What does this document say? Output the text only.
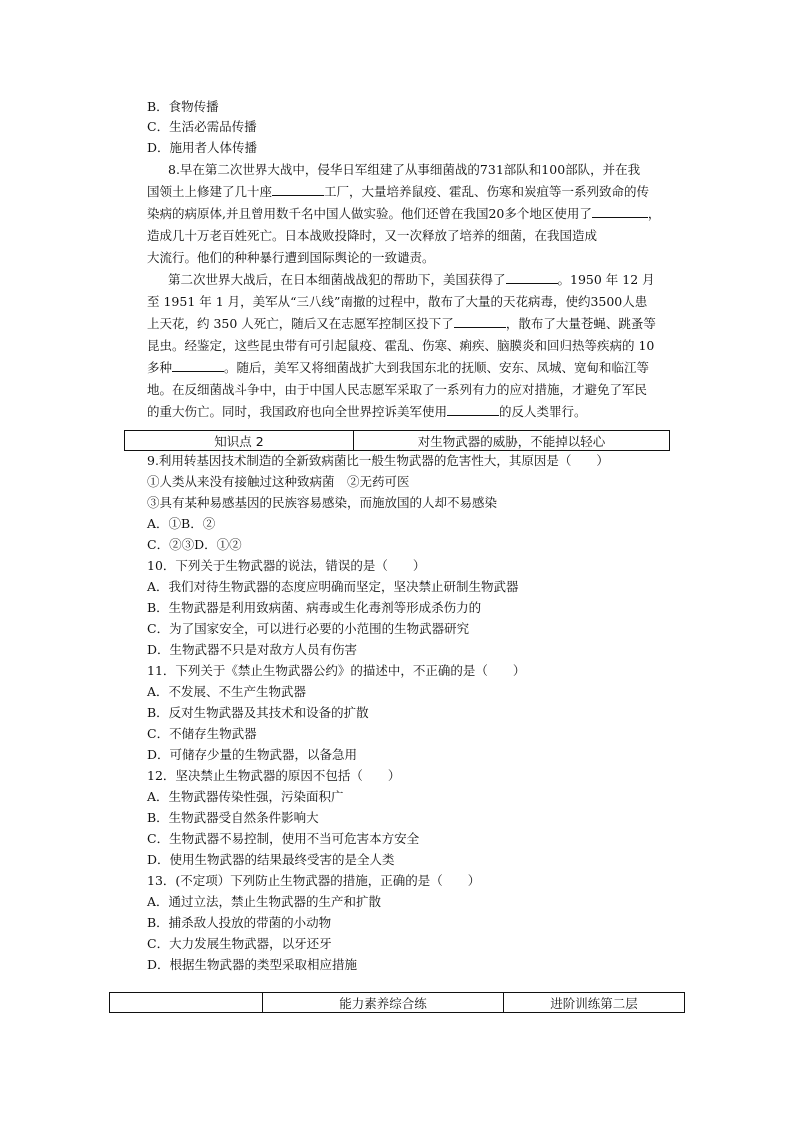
B．食物传播
C．生活必需品传播
D．施用者人体传播
8.早在第二次世界大战中，侵华日军组建了从事细菌战的731部队和100部队，并在我
国领土上修建了几十座	工厂，大量培养鼠疫、霍乱、伤寒和炭疽等一系列致命的传
染病的病原体,并且曾用数千名中国人做实验。他们还曾在我国20多个地区使用了	，
造成几十万老百姓死亡。日本战败投降时，又一次释放了培养的细菌，在我国造成
大流行。他们的种种暴行遭到国际舆论的一致谴责。
第二次世界大战后，在日本细菌战战犯的帮助下，美国获得了	。1950 年 12 月
至 1951 年 1 月，美军从“三八线”南撤的过程中，散布了大量的天花病毒，使约3500人患
上天花，约 350 人死亡，随后又在志愿军控制区投下了	，散布了大量苍蝇、跳蚤等
昆虫。经鉴定，这些昆虫带有可引起鼠疫、霍乱、伤寒、痢疾、脑膜炎和回归热等疾病的 10
多种	。随后，美军又将细菌战扩大到我国东北的抚顺、安东、凤城、宽甸和临江等
地。在反细菌战斗争中，由于中国人民志愿军采取了一系列有力的应对措施，才避免了军民
的重大伤亡。同时，我国政府也向全世界控诉美军使用	的反人类罪行。
知识点 2	对生物武器的威胁，不能掉以轻心
9.利用转基因技术制造的全新致病菌比一般生物武器的危害性大，其原因是（　　）
①人类从来没有接触过这种致病菌　②无药可医
③具有某种易感基因的民族容易感染，而施放国的人却不易感染
A．①B．②
C．②③D．①②
10．下列关于生物武器的说法，错误的是（　　）
A．我们对待生物武器的态度应明确而坚定，坚决禁止研制生物武器
B．生物武器是利用致病菌、病毒或生化毒剂等形成杀伤力的
C．为了国家安全，可以进行必要的小范围的生物武器研究
D．生物武器不只是对敌方人员有伤害
11．下列关于《禁止生物武器公约》的描述中，不正确的是（　　）
A．不发展、不生产生物武器
B．反对生物武器及其技术和设备的扩散
C．不储存生物武器
D．可储存少量的生物武器，以备急用
12．坚决禁止生物武器的原因不包括（　　）
A．生物武器传染性强，污染面积广
B．生物武器受自然条件影响大
C．生物武器不易控制，使用不当可危害本方安全
D．使用生物武器的结果最终受害的是全人类
13．(不定项）下列防止生物武器的措施，正确的是（　　）
A．通过立法，禁止生物武器的生产和扩散
B．捕杀敌人投放的带菌的小动物
C．大力发展生物武器，以牙还牙
D．根据生物武器的类型采取相应措施
	能力素养综合练	进阶训练第二层
